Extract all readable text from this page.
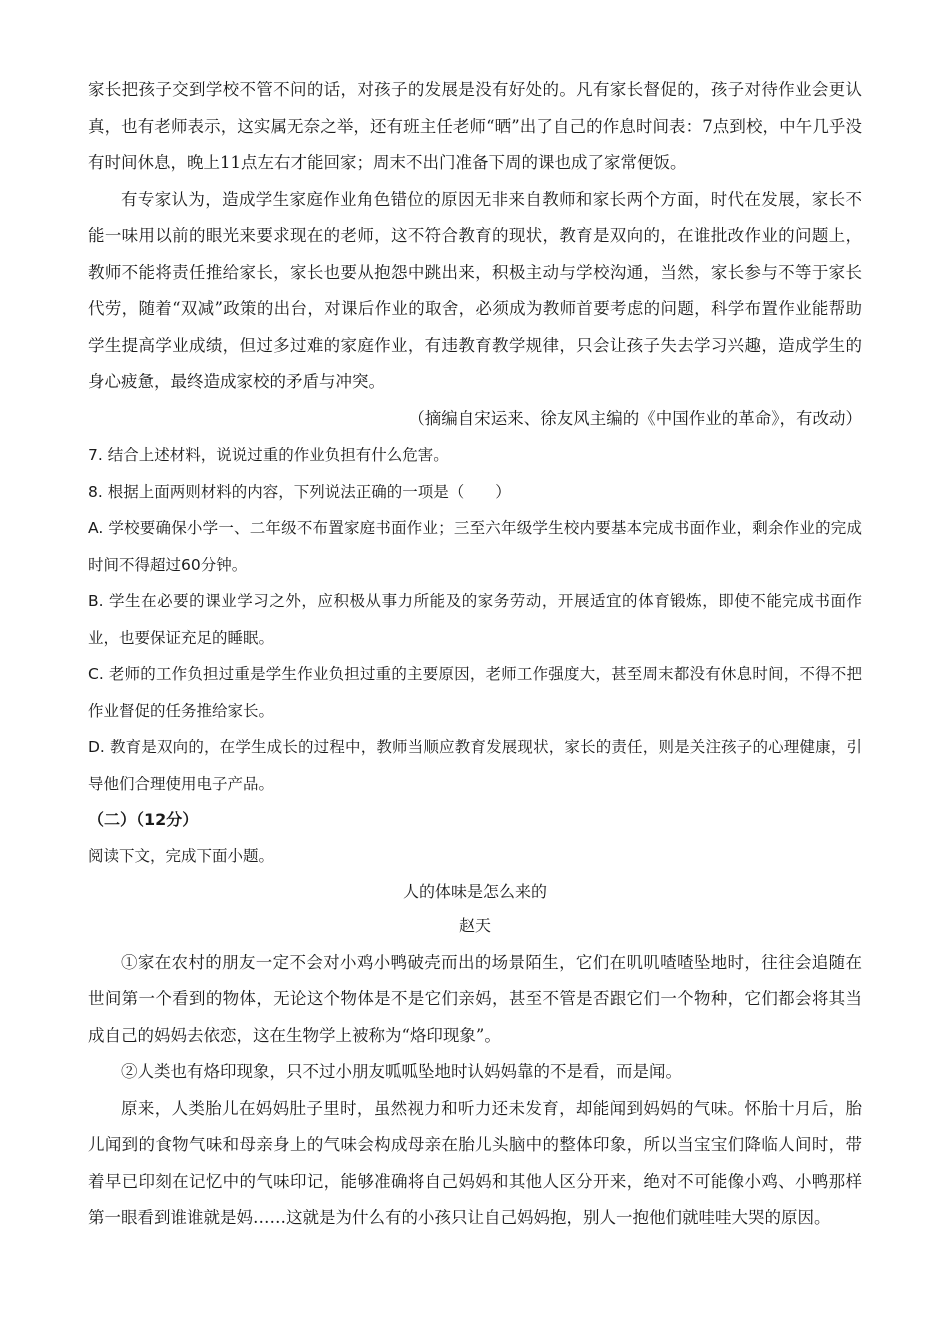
家长把孩子交到学校不管不问的话，对孩子的发展是没有好处的。凡有家长督促的，孩子对待作业会更认真，也有老师表示，这实属无奈之举，还有班主任老师“晒”出了自己的作息时间表：7点到校，中午几乎没有时间休息，晚上11点左右才能回家；周末不出门准备下周的课也成了家常便饭。

有专家认为，造成学生家庭作业角色错位的原因无非来自教师和家长两个方面，时代在发展，家长不能一味用以前的眼光来要求现在的老师，这不符合教育的现状，教育是双向的，在谁批改作业的问题上，教师不能将责任推给家长，家长也要从抱怨中跳出来，积极主动与学校沟通，当然，家长参与不等于家长代劳，随着“双减”政策的出台，对课后作业的取舍，必须成为教师首要考虑的问题，科学布置作业能帮助学生提高学业成绩，但过多过难的家庭作业，有违教育教学规律，只会让孩子失去学习兴趣，造成学生的身心疲惫，最终造成家校的矛盾与冲突。

（摘编自宋运来、徐友风主编的《中国作业的革命》，有改动）

7. 结合上述材料，说说过重的作业负担有什么危害。

8. 根据上面两则材料的内容，下列说法正确的一项是（　　）

A. 学校要确保小学一、二年级不布置家庭书面作业；三至六年级学生校内要基本完成书面作业，剩余作业的完成时间不得超过60分钟。

B. 学生在必要的课业学习之外，应积极从事力所能及的家务劳动，开展适宜的体育锻炼，即使不能完成书面作业，也要保证充足的睡眠。

C. 老师的工作负担过重是学生作业负担过重的主要原因，老师工作强度大，甚至周末都没有休息时间，不得不把作业督促的任务推给家长。

D. 教育是双向的，在学生成长的过程中，教师当顺应教育发展现状，家长的责任，则是关注孩子的心理健康，引导他们合理使用电子产品。

（二）（12分）

阅读下文，完成下面小题。

人的体味是怎么来的

赵天

①家在农村的朋友一定不会对小鸡小鸭破壳而出的场景陌生，它们在叽叽喳喳坠地时，往往会追随在世间第一个看到的物体，无论这个物体是不是它们亲妈，甚至不管是否跟它们一个物种，它们都会将其当成自己的妈妈去依恋，这在生物学上被称为“烙印现象”。

②人类也有烙印现象，只不过小朋友呱呱坠地时认妈妈靠的不是看，而是闻。

原来，人类胎儿在妈妈肚子里时，虽然视力和听力还未发育，却能闻到妈妈的气味。怀胎十月后，胎儿闻到的食物气味和母亲身上的气味会构成母亲在胎儿头脑中的整体印象，所以当宝宝们降临人间时，带着早已印刻在记忆中的气味印记，能够准确将自己妈妈和其他人区分开来，绝对不可能像小鸡、小鸭那样第一眼看到谁谁就是妈……这就是为什么有的小孩只让自己妈妈抱，别人一抱他们就哇哇大哭的原因。
